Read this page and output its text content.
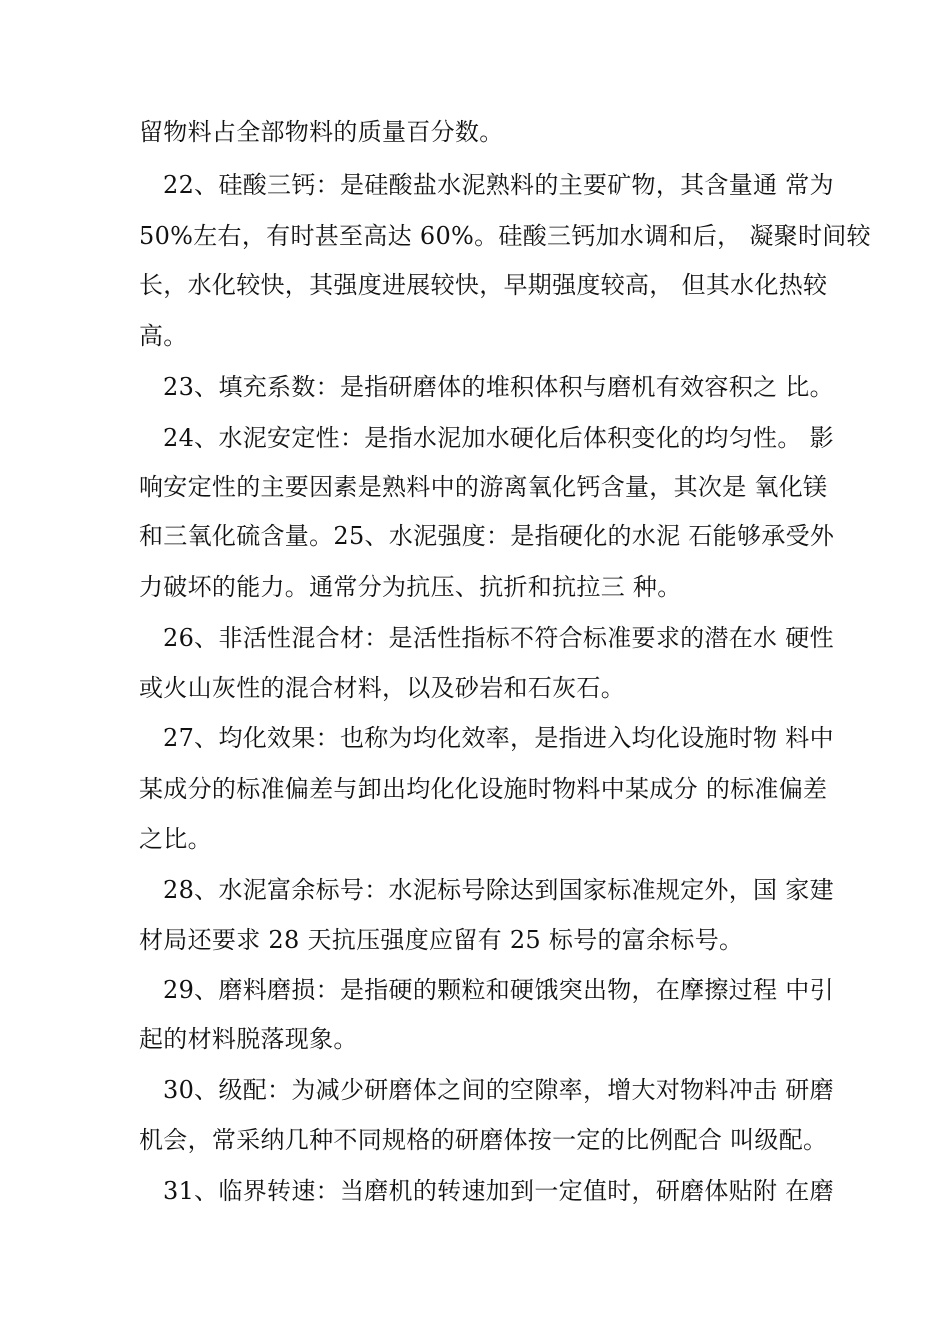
留物料占全部物料的质量百分数。
22、硅酸三钙：是硅酸盐水泥熟料的主要矿物，其含量通 常为
50%左右，有时甚至高达 60%。硅酸三钙加水调和后， 凝聚时间较
长，水化较快，其强度进展较快，早期强度较高， 但其水化热较
高。
23、填充系数：是指研磨体的堆积体积与磨机有效容积之 比。
24、水泥安定性：是指水泥加水硬化后体积变化的均匀性。 影
响安定性的主要因素是熟料中的游离氧化钙含量，其次是 氧化镁
和三氧化硫含量。25、水泥强度：是指硬化的水泥 石能够承受外
力破坏的能力。通常分为抗压、抗折和抗拉三 种。
26、非活性混合材：是活性指标不符合标准要求的潜在水 硬性
或火山灰性的混合材料，以及砂岩和石灰石。
27、均化效果：也称为均化效率，是指进入均化设施时物 料中
某成分的标准偏差与卸出均化化设施时物料中某成分 的标准偏差
之比。
28、水泥富余标号：水泥标号除达到国家标准规定外，国 家建
材局还要求 28 天抗压强度应留有 25 标号的富余标号。
29、磨料磨损：是指硬的颗粒和硬饿突出物，在摩擦过程 中引
起的材料脱落现象。
30、级配：为减少研磨体之间的空隙率，增大对物料冲击 研磨
机会，常采纳几种不同规格的研磨体按一定的比例配合 叫级配。
31、临界转速：当磨机的转速加到一定值时，研磨体贴附 在磨
